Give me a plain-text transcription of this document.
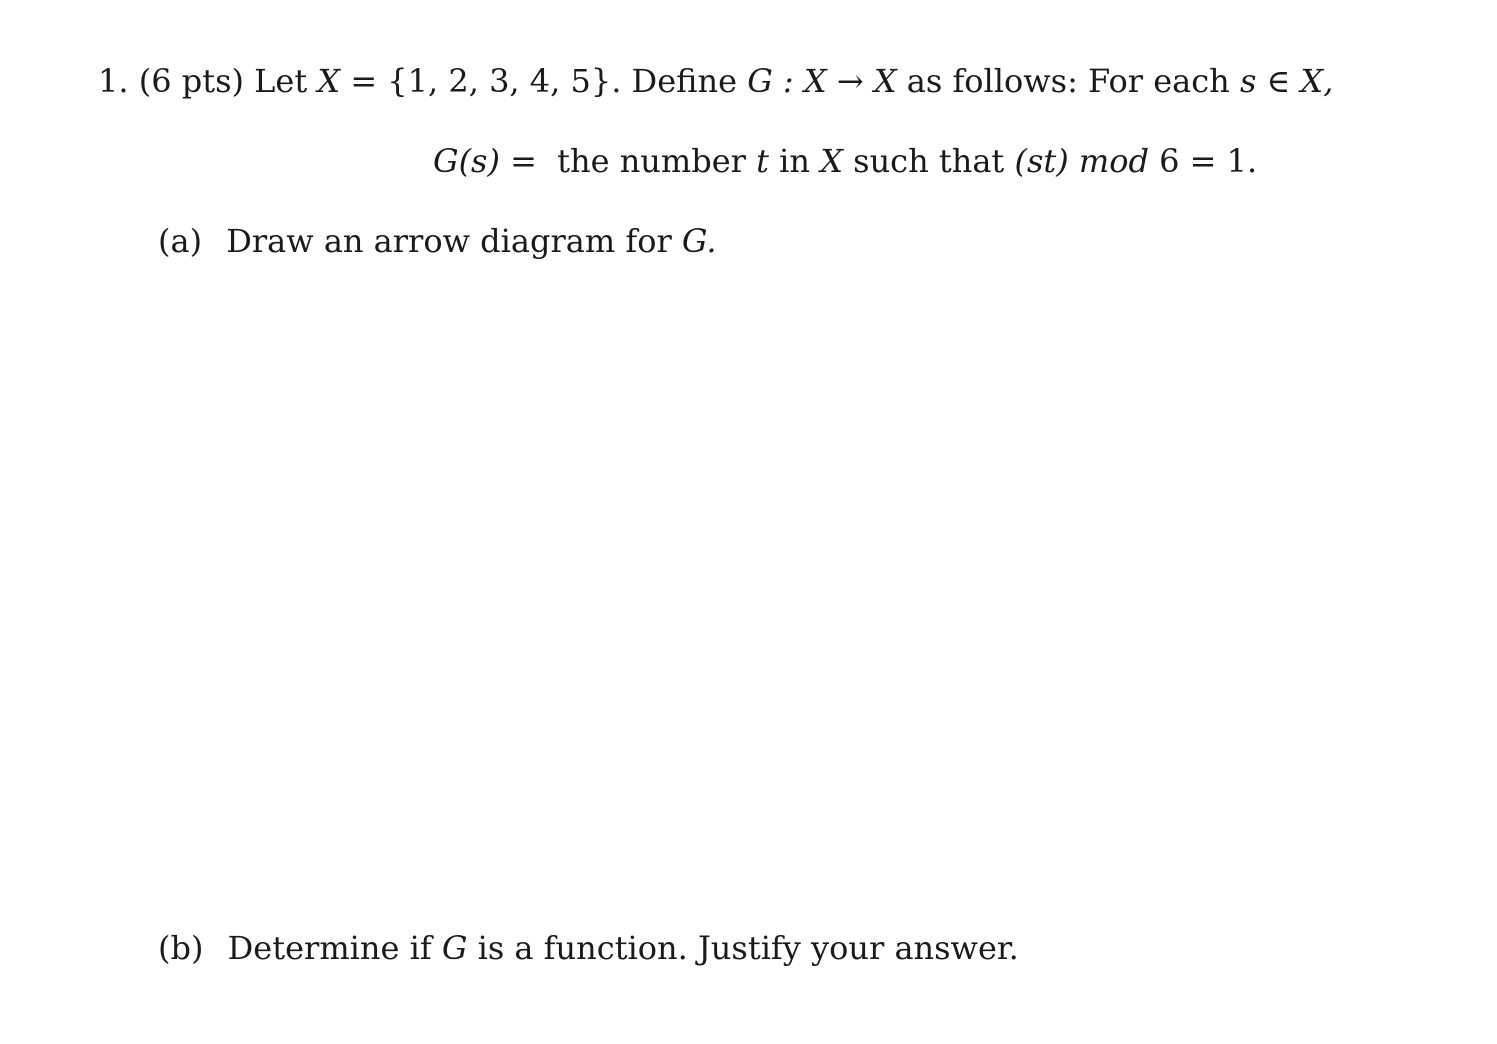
1. (6 pts) Let X = {1, 2, 3, 4, 5}. Define G : X → X as follows: For each s ∈ X,
G(s) = the number t in X such that (st) mod 6 = 1.
(a) Draw an arrow diagram for G.
(b) Determine if G is a function. Justify your answer.
